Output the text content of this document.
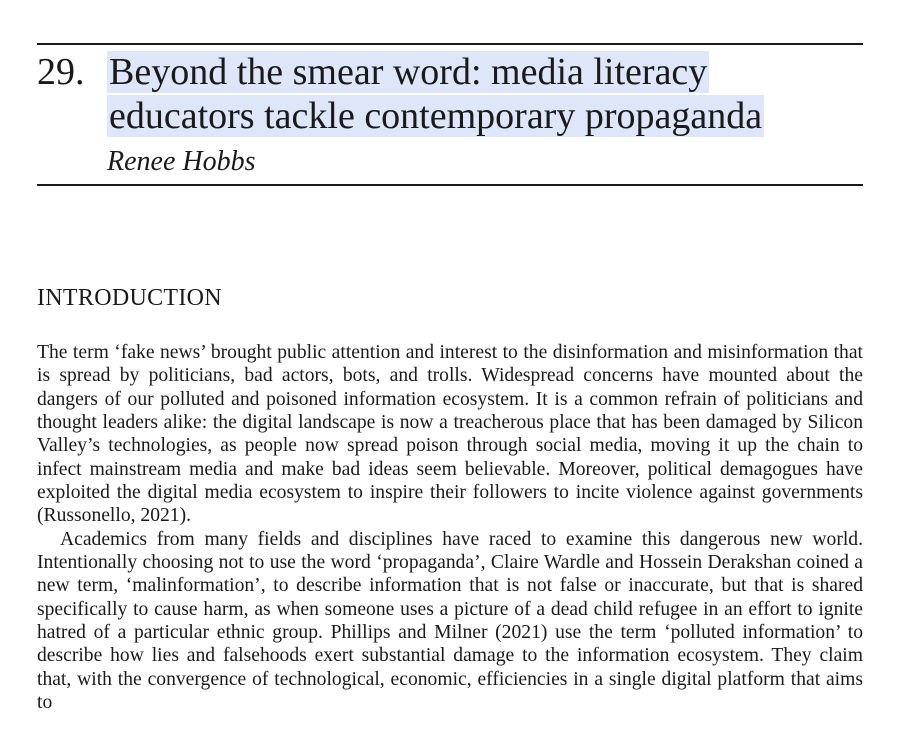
29. Beyond the smear word: media literacy educators tackle contemporary propaganda
Renee Hobbs
INTRODUCTION

The term ‘fake news’ brought public attention and interest to the disinformation and misinformation that is spread by politicians, bad actors, bots, and trolls. Widespread concerns have mounted about the dangers of our polluted and poisoned information ecosystem. It is a common refrain of politicians and thought leaders alike: the digital landscape is now a treacherous place that has been damaged by Silicon Valley’s technologies, as people now spread poison through social media, moving it up the chain to infect mainstream media and make bad ideas seem believable. Moreover, political demagogues have exploited the digital media ecosystem to inspire their followers to incite violence against governments (Russonello, 2021).

Academics from many fields and disciplines have raced to examine this dangerous new world. Intentionally choosing not to use the word ‘propaganda’, Claire Wardle and Hossein Derakshan coined a new term, ‘malinformation’, to describe information that is not false or inaccurate, but that is shared specifically to cause harm, as when someone uses a picture of a dead child refugee in an effort to ignite hatred of a particular ethnic group. Phillips and Milner (2021) use the term ‘polluted information’ to describe how lies and falsehoods exert substantial damage to the information ecosystem. They claim that, with the convergence of technological, economic, efficiencies in a single digital platform that aims to
